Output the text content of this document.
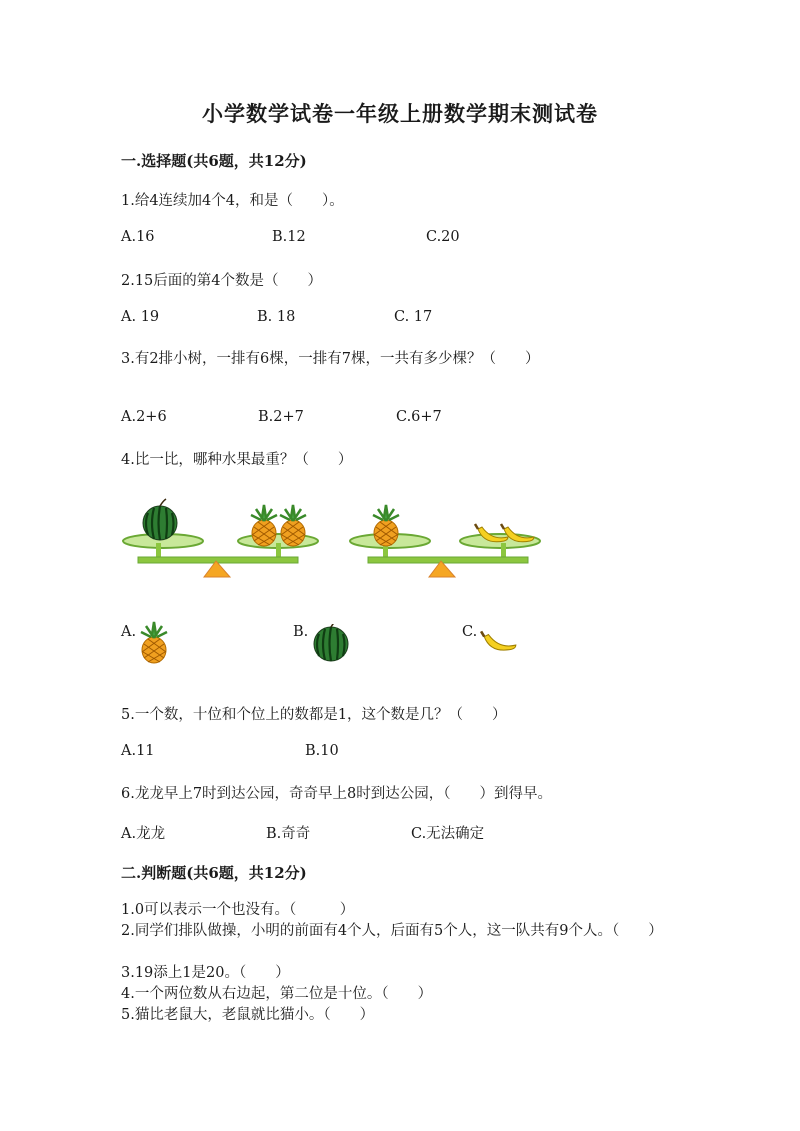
小学数学试卷一年级上册数学期末测试卷
一.选择题(共6题，共12分)
1.给4连续加4个4，和是（　　）。
A.16	B.12	C.20
2.15后面的第4个数是（　　）
A. 19	B. 18	C. 17
3.有2排小树，一排有6棵，一排有7棵，一共有多少棵？（　　）
A.2+6	B.2+7	C.6+7
4.比一比，哪种水果最重？（　　）
A.	B.	C.
5.一个数，十位和个位上的数都是1，这个数是几？（　　）
A.11	B.10
6.龙龙早上7时到达公园，奇奇早上8时到达公园，（　　）到得早。
A.龙龙	B.奇奇	C.无法确定
二.判断题(共6题，共12分)
1.0可以表示一个也没有。（　　　）
2.同学们排队做操，小明的前面有4个人，后面有5个人，这一队共有9个人。（　　）
3.19添上1是20。（　　）
4.一个两位数从右边起，第二位是十位。（　　）
5.猫比老鼠大，老鼠就比猫小。（　　）
